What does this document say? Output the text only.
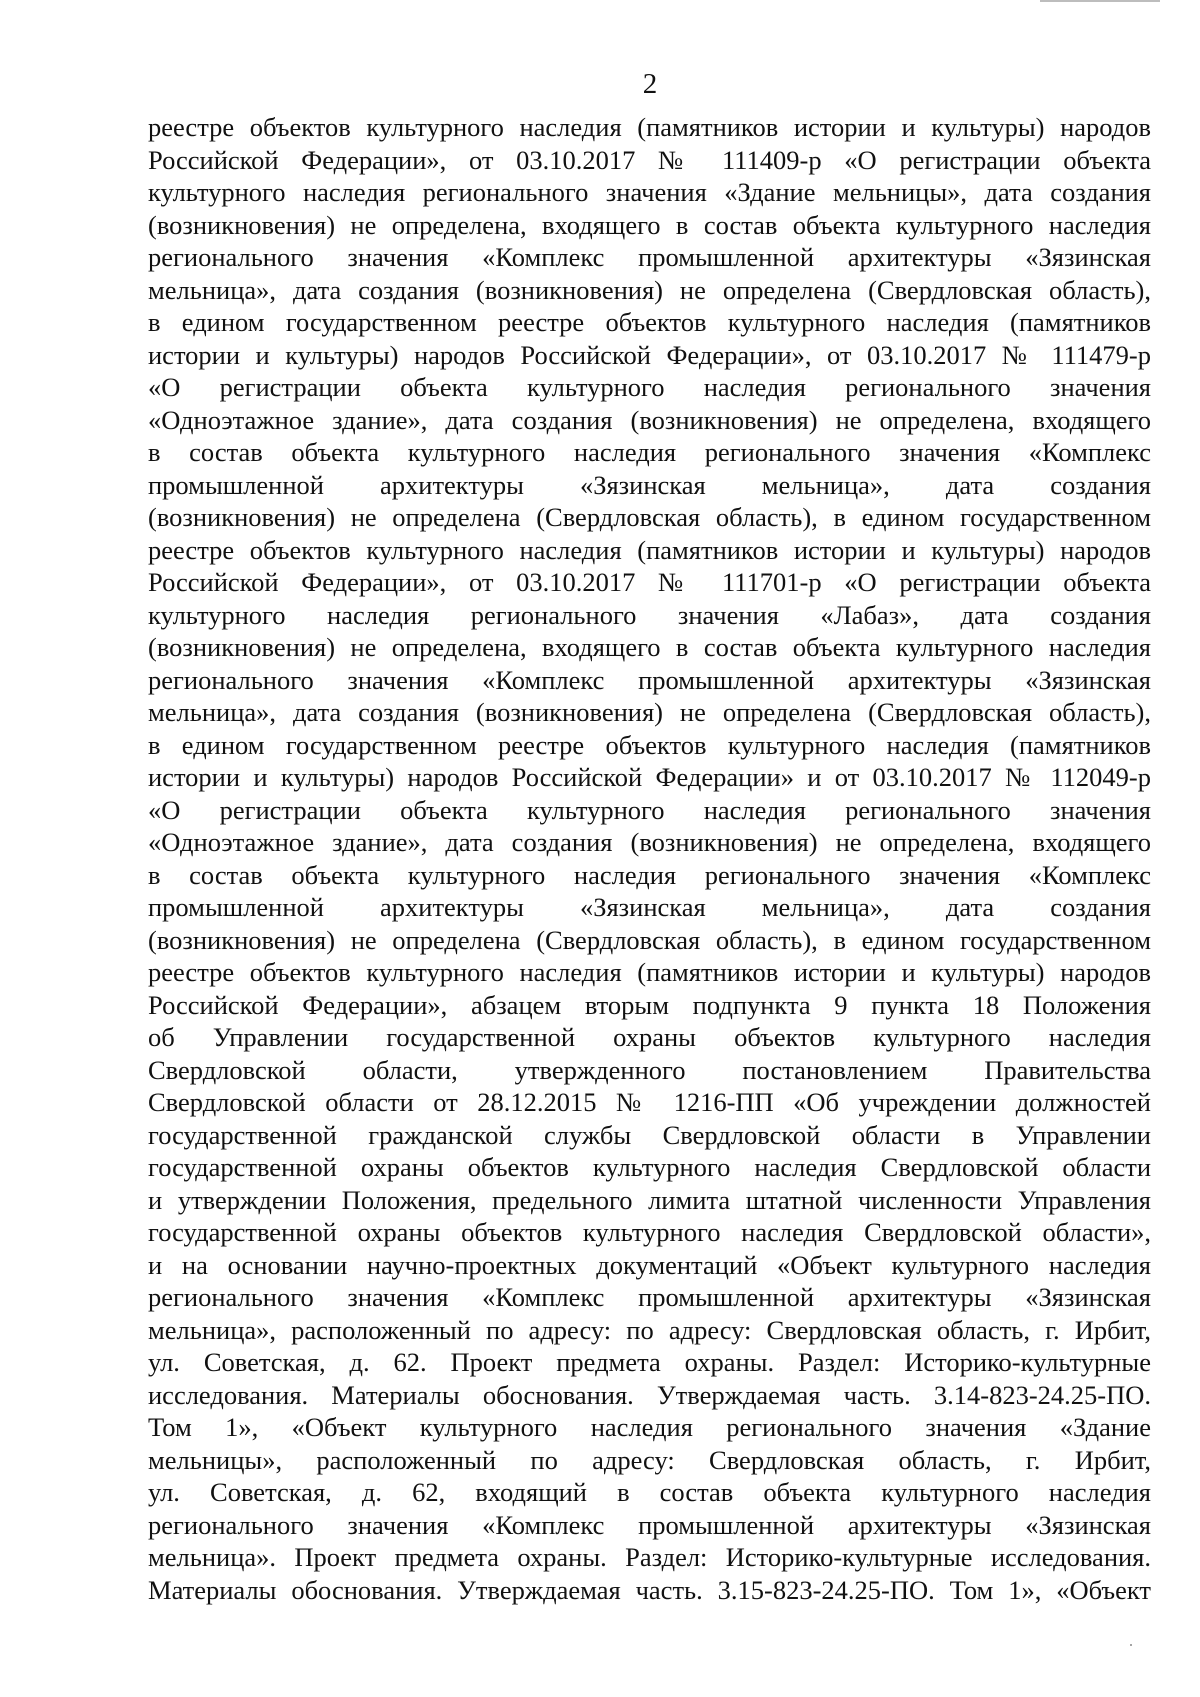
2
реестре объектов культурного наследия (памятников истории и культуры) народов
Российской Федерации», от 03.10.2017 № 111409-р «О регистрации объекта
культурного наследия регионального значения «Здание мельницы», дата создания
(возникновения) не определена, входящего в состав объекта культурного наследия
регионального значения «Комплекс промышленной архитектуры «Зязинская
мельница», дата создания (возникновения) не определена (Свердловская область),
в едином государственном реестре объектов культурного наследия (памятников
истории и культуры) народов Российской Федерации», от 03.10.2017 № 111479-р
«О регистрации объекта культурного наследия регионального значения
«Одноэтажное здание», дата создания (возникновения) не определена, входящего
в состав объекта культурного наследия регионального значения «Комплекс
промышленной архитектуры «Зязинская мельница», дата создания
(возникновения) не определена (Свердловская область), в едином государственном
реестре объектов культурного наследия (памятников истории и культуры) народов
Российской Федерации», от 03.10.2017 № 111701-р «О регистрации объекта
культурного наследия регионального значения «Лабаз», дата создания
(возникновения) не определена, входящего в состав объекта культурного наследия
регионального значения «Комплекс промышленной архитектуры «Зязинская
мельница», дата создания (возникновения) не определена (Свердловская область),
в едином государственном реестре объектов культурного наследия (памятников
истории и культуры) народов Российской Федерации» и от 03.10.2017 № 112049-р
«О регистрации объекта культурного наследия регионального значения
«Одноэтажное здание», дата создания (возникновения) не определена, входящего
в состав объекта культурного наследия регионального значения «Комплекс
промышленной архитектуры «Зязинская мельница», дата создания
(возникновения) не определена (Свердловская область), в едином государственном
реестре объектов культурного наследия (памятников истории и культуры) народов
Российской Федерации», абзацем вторым подпункта 9 пункта 18 Положения
об Управлении государственной охраны объектов культурного наследия
Свердловской области, утвержденного постановлением Правительства
Свердловской области от 28.12.2015 № 1216-ПП «Об учреждении должностей
государственной гражданской службы Свердловской области в Управлении
государственной охраны объектов культурного наследия Свердловской области
и утверждении Положения, предельного лимита штатной численности Управления
государственной охраны объектов культурного наследия Свердловской области»,
и на основании научно-проектных документаций «Объект культурного наследия
регионального значения «Комплекс промышленной архитектуры «Зязинская
мельница», расположенный по адресу: по адресу: Свердловская область, г. Ирбит,
ул. Советская, д. 62. Проект предмета охраны. Раздел: Историко-культурные
исследования. Материалы обоснования. Утверждаемая часть. 3.14-823-24.25-ПО.
Том 1», «Объект культурного наследия регионального значения «Здание
мельницы», расположенный по адресу: Свердловская область, г. Ирбит,
ул. Советская, д. 62, входящий в состав объекта культурного наследия
регионального значения «Комплекс промышленной архитектуры «Зязинская
мельница». Проект предмета охраны. Раздел: Историко-культурные исследования.
Материалы обоснования. Утверждаемая часть. 3.15-823-24.25-ПО. Том 1», «Объект
